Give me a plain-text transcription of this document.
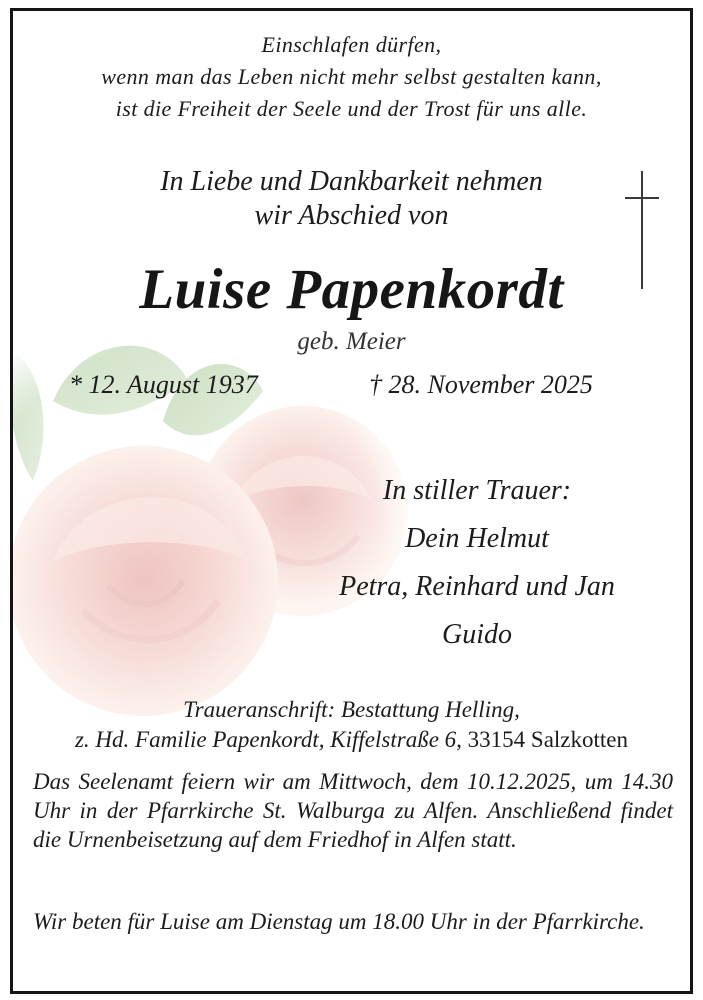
Einschlafen dürfen,
wenn man das Leben nicht mehr selbst gestalten kann,
ist die Freiheit der Seele und der Trost für uns alle.
In Liebe und Dankbarkeit nehmen
wir Abschied von
Luise Papenkordt
geb. Meier
* 12. August 1937	† 28. November 2025
In stiller Trauer:
Dein Helmut
Petra, Reinhard und Jan
Guido
Traueranschrift: Bestattung Helling,
z. Hd. Familie Papenkordt, Kiffelstraße 6, 33154 Salzkotten
Das Seelenamt feiern wir am Mittwoch, dem 10.12.2025, um 14.30 Uhr in der Pfarrkirche St. Walburga zu Alfen. Anschließend findet die Urnenbeisetzung auf dem Friedhof in Alfen statt.
Wir beten für Luise am Dienstag um 18.00 Uhr in der Pfarrkirche.
